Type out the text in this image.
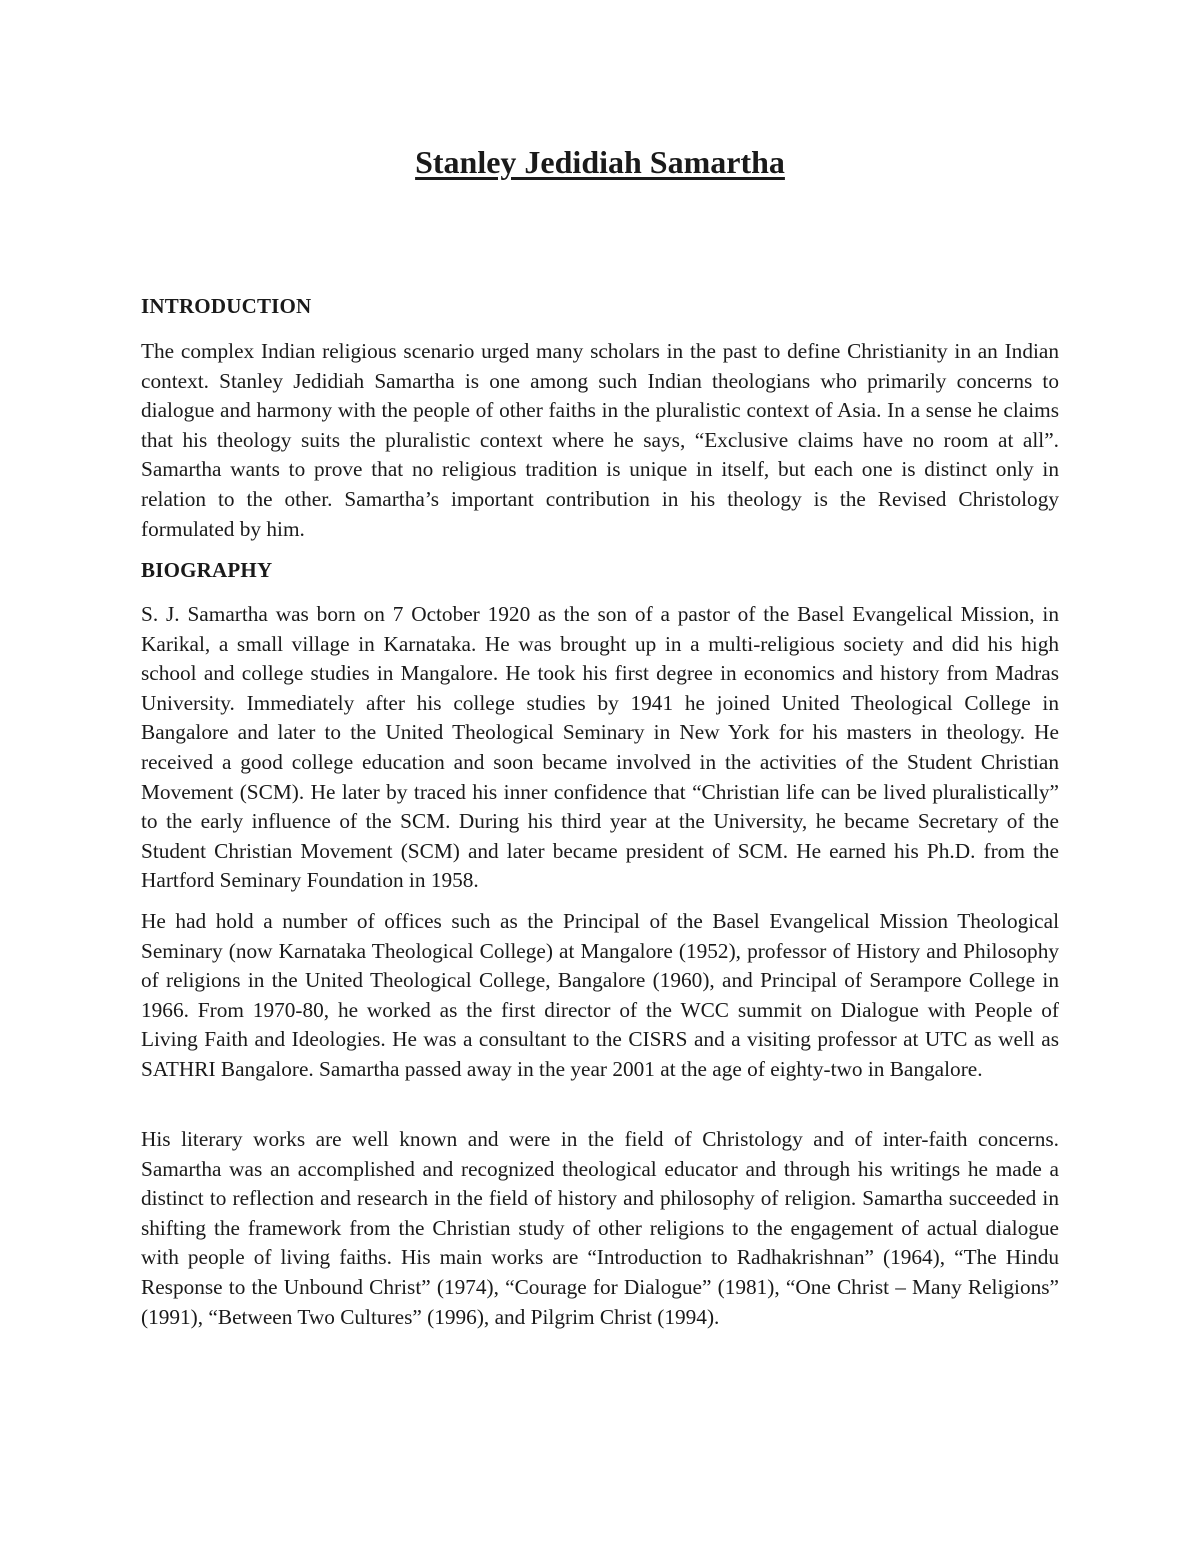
Stanley Jedidiah Samartha
INTRODUCTION

The complex Indian religious scenario urged many scholars in the past to define Christianity in an Indian context. Stanley Jedidiah Samartha is one among such Indian theologians who primarily concerns to dialogue and harmony with the people of other faiths in the pluralistic context of Asia. In a sense he claims that his theology suits the pluralistic context where he says, “Exclusive claims have no room at all”. Samartha wants to prove that no religious tradition is unique in itself, but each one is distinct only in relation to the other. Samartha’s important contribution in his theology is the Revised Christology formulated by him.

BIOGRAPHY

S. J. Samartha was born on 7 October 1920 as the son of a pastor of the Basel Evangelical Mission, in Karikal, a small village in Karnataka. He was brought up in a multi-religious society and did his high school and college studies in Mangalore. He took his first degree in economics and history from Madras University. Immediately after his college studies by 1941 he joined United Theological College in Bangalore and later to the United Theological Seminary in New York for his masters in theology. He received a good college education and soon became involved in the activities of the Student Christian Movement (SCM). He later by traced his inner confidence that “Christian life can be lived pluralistically” to the early influence of the SCM. During his third year at the University, he became Secretary of the Student Christian Movement (SCM) and later became president of SCM. He earned his Ph.D. from the Hartford Seminary Foundation in 1958.

He had hold a number of offices such as the Principal of the Basel Evangelical Mission Theological Seminary (now Karnataka Theological College) at Mangalore (1952), professor of History and Philosophy of religions in the United Theological College, Bangalore (1960), and Principal of Serampore College in 1966. From 1970-80, he worked as the first director of the WCC summit on Dialogue with People of Living Faith and Ideologies. He was a consultant to the CISRS and a visiting professor at UTC as well as SATHRI Bangalore. Samartha passed away in the year 2001 at the age of eighty-two in Bangalore.

His literary works are well known and were in the field of Christology and of inter-faith concerns. Samartha was an accomplished and recognized theological educator and through his writings he made a distinct to reflection and research in the field of history and philosophy of religion. Samartha succeeded in shifting the framework from the Christian study of other religions to the engagement of actual dialogue with people of living faiths. His main works are “Introduction to Radhakrishnan” (1964), “The Hindu Response to the Unbound Christ” (1974), “Courage for Dialogue” (1981), “One Christ – Many Religions” (1991), “Between Two Cultures” (1996), and Pilgrim Christ (1994).
